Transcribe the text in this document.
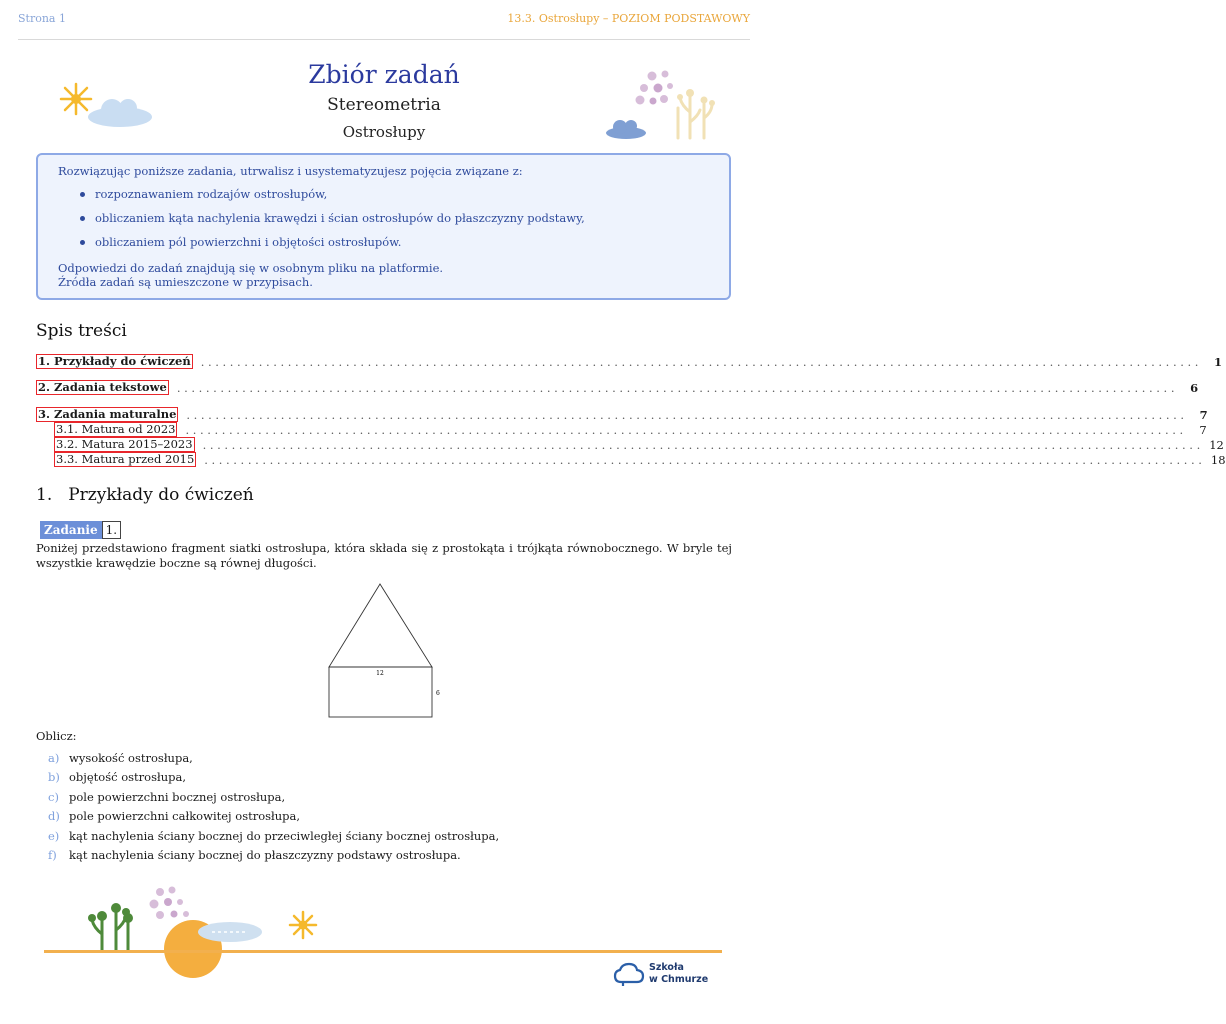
Strona 1	13.3. Ostrosłupy – POZIOM PODSTAWOWY
Zbiór zadań
Stereometria
Ostrosłupy
Rozwiązując poniższe zadania, utrwalisz i usystematyzujesz pojęcia związane z:
rozpoznawaniem rodzajów ostrosłupów,
obliczaniem kąta nachylenia krawędzi i ścian ostrosłupów do płaszczyzny podstawy,
obliczaniem pól powierzchni i objętości ostrosłupów.
Odpowiedzi do zadań znajdują się w osobnym pliku na platformie.
Źródła zadań są umieszczone w przypisach.
Spis treści
1. Przykłady do ćwiczeń ..........................................................................................................................................	1
2. Zadania tekstowe ..........................................................................................................................................	6
3. Zadania maturalne ..........................................................................................................................................	7
3.1. Matura od 2023 ..........................................................................................................................................	7
3.2. Matura 2015–2023 .......................................................................................................................................... 12
3.3. Matura przed 2015 .......................................................................................................................................... 18
1. Przykłady do ćwiczeń
Zadanie 1.
Poniżej przedstawiono fragment siatki ostrosłupa, która składa się z prostokąta i trójkąta równobocznego. W bryle tej wszystkie krawędzie boczne są równej długości.
12
6
Oblicz:
a) wysokość ostrosłupa,
b) objętość ostrosłupa,
c) pole powierzchni bocznej ostrosłupa,
d) pole powierzchni całkowitej ostrosłupa,
e) kąt nachylenia ściany bocznej do przeciwległej ściany bocznej ostrosłupa,
f) kąt nachylenia ściany bocznej do płaszczyzny podstawy ostrosłupa.
Szkoła
w Chmurze
